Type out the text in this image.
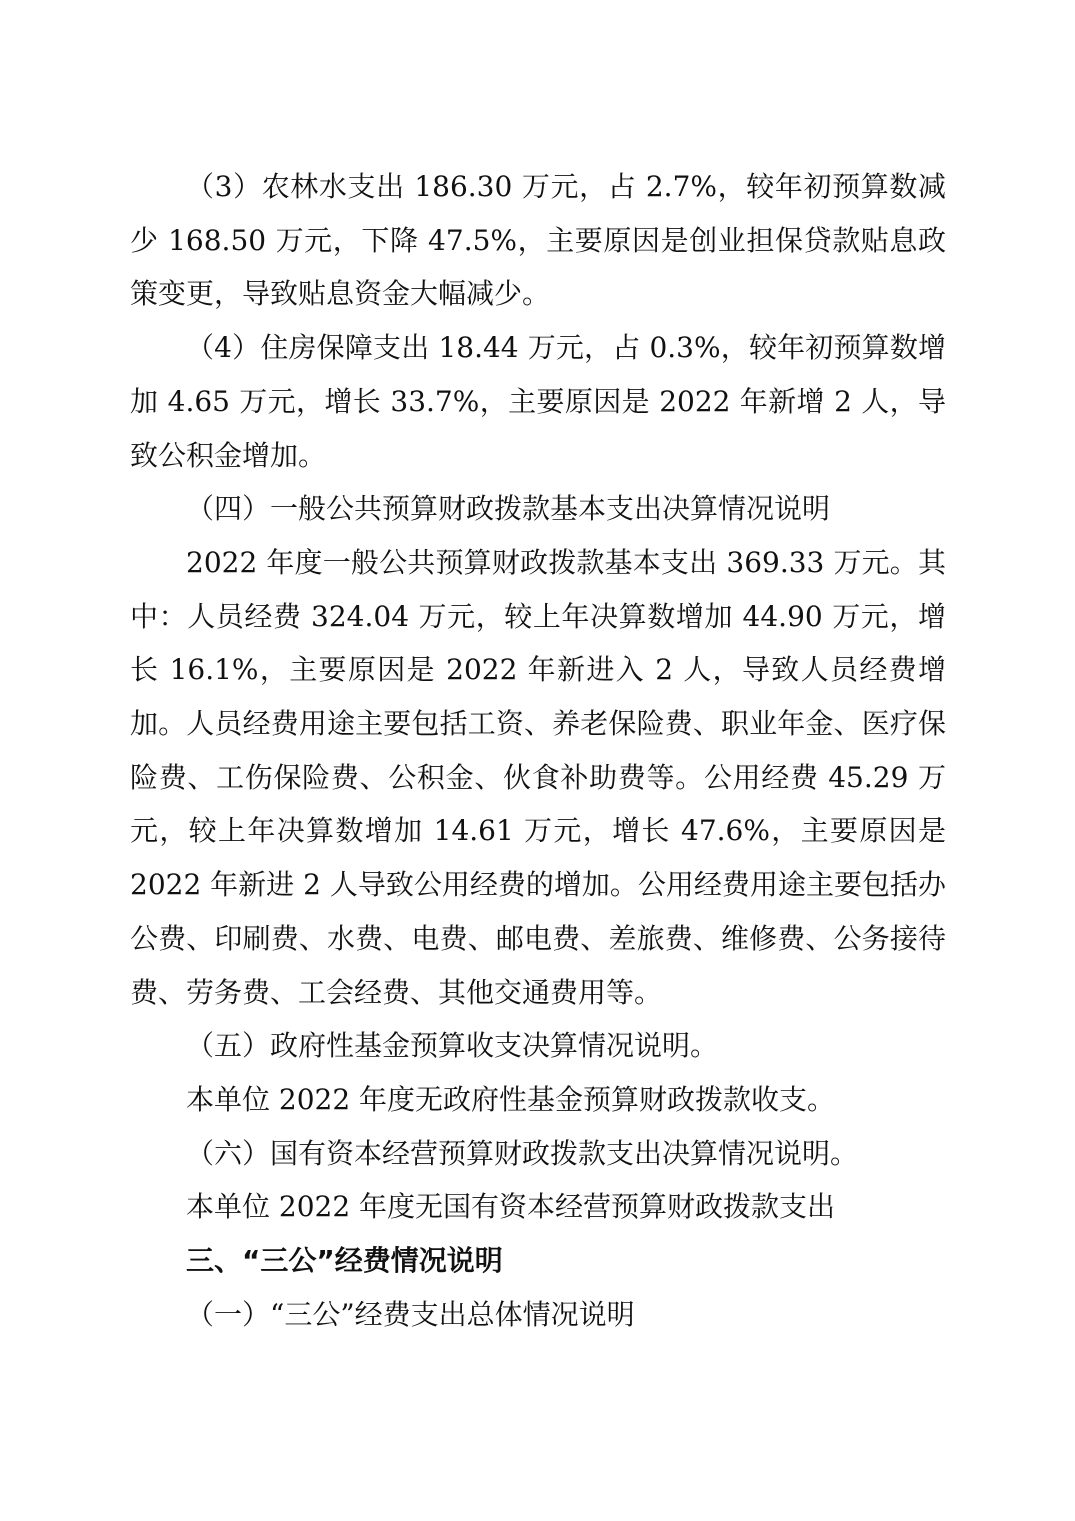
（3）农林水支出 186.30 万元，占 2.7%，较年初预算数减少 168.50 万元，下降 47.5%，主要原因是创业担保贷款贴息政策变更，导致贴息资金大幅减少。

（4）住房保障支出 18.44 万元，占 0.3%，较年初预算数增加 4.65 万元，增长 33.7%，主要原因是 2022 年新增 2 人，导致公积金增加。

（四）一般公共预算财政拨款基本支出决算情况说明

2022 年度一般公共预算财政拨款基本支出 369.33 万元。其中：人员经费 324.04 万元，较上年决算数增加 44.90 万元，增长 16.1%，主要原因是 2022 年新进入 2 人，导致人员经费增加。人员经费用途主要包括工资、养老保险费、职业年金、医疗保险费、工伤保险费、公积金、伙食补助费等。公用经费 45.29 万元，较上年决算数增加 14.61 万元，增长 47.6%，主要原因是 2022 年新进 2 人导致公用经费的增加。公用经费用途主要包括办公费、印刷费、水费、电费、邮电费、差旅费、维修费、公务接待费、劳务费、工会经费、其他交通费用等。

（五）政府性基金预算收支决算情况说明。

本单位 2022 年度无政府性基金预算财政拨款收支。

（六）国有资本经营预算财政拨款支出决算情况说明。

本单位 2022 年度无国有资本经营预算财政拨款支出

三、“三公”经费情况说明

（一）“三公”经费支出总体情况说明
